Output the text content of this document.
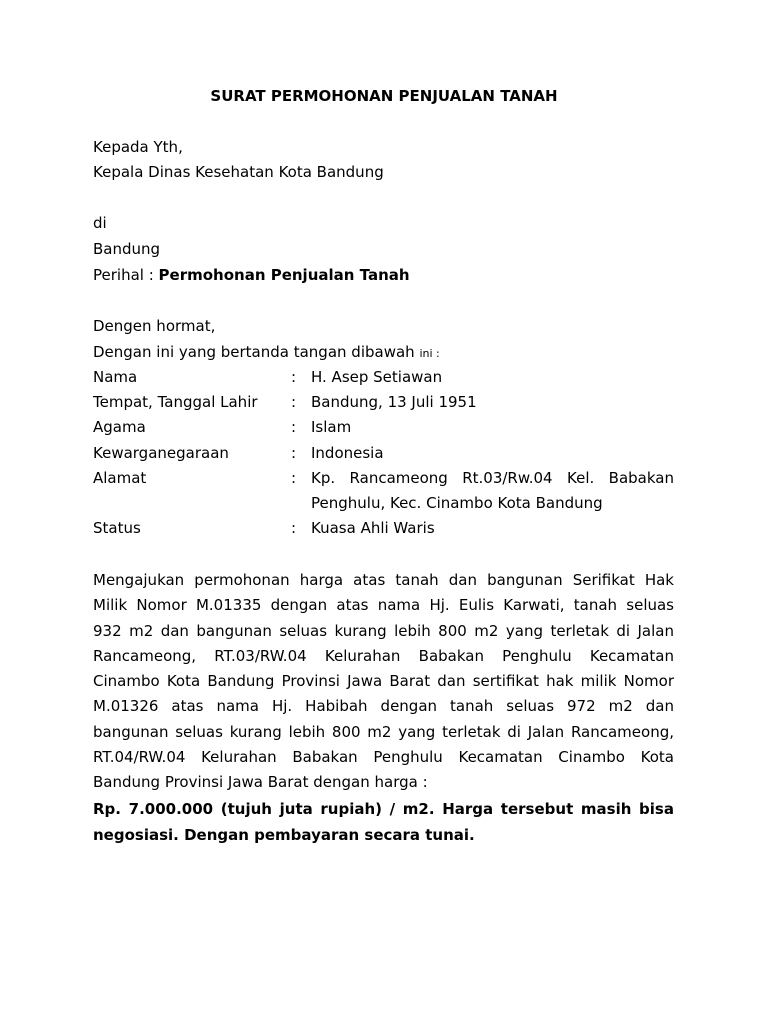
SURAT PERMOHONAN PENJUALAN TANAH
Kepada Yth,
Kepala Dinas Kesehatan Kota Bandung
di
Bandung
Perihal : Permohonan Penjualan Tanah
Dengen hormat,
Dengan ini yang bertanda tangan dibawah ini :
Nama	: H. Asep Setiawan
Tempat, Tanggal Lahir : Bandung, 13 Juli 1951
Agama	: Islam
Kewarganegaraan	: Indonesia
Alamat	: Kp. Rancameong Rt.03/Rw.04 Kel. Babakan
Penghulu, Kec. Cinambo Kota Bandung
Status	: Kuasa Ahli Waris
Mengajukan permohonan harga atas tanah dan bangunan Serifikat Hak
Milik Nomor M.01335 dengan atas nama Hj. Eulis Karwati, tanah seluas
932 m2 dan bangunan seluas kurang lebih 800 m2 yang terletak di Jalan
Rancameong, RT.03/RW.04 Kelurahan Babakan Penghulu Kecamatan
Cinambo Kota Bandung Provinsi Jawa Barat dan sertifikat hak milik Nomor
M.01326 atas nama Hj. Habibah dengan tanah seluas 972 m2 dan
bangunan seluas kurang lebih 800 m2 yang terletak di Jalan Rancameong,
RT.04/RW.04 Kelurahan Babakan Penghulu Kecamatan Cinambo Kota
Bandung Provinsi Jawa Barat dengan harga :
Rp. 7.000.000 (tujuh juta rupiah) / m2. Harga tersebut masih bisa
negosiasi. Dengan pembayaran secara tunai.
